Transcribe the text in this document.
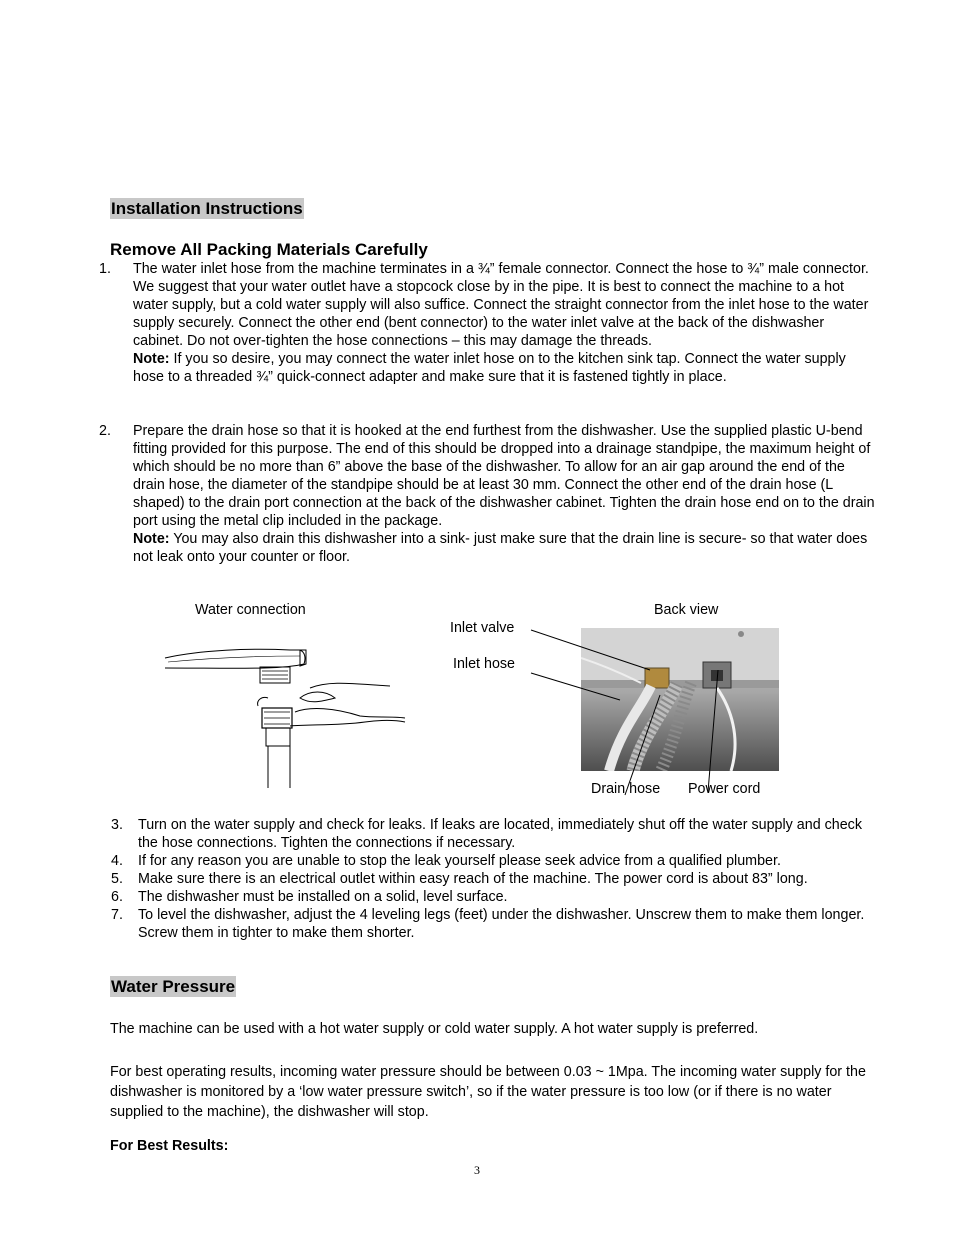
Installation Instructions
Remove All Packing Materials Carefully
1. The water inlet hose from the machine terminates in a ¾” female connector. Connect the hose to ¾” male connector. We suggest that your water outlet have a stopcock close by in the pipe. It is best to connect the machine to a hot water supply, but a cold water supply will also suffice. Connect the straight connector from the inlet hose to the water supply securely. Connect the other end (bent connector) to the water inlet valve at the back of the dishwasher cabinet. Do not over-tighten the hose connections – this may damage the threads.
Note: If you so desire, you may connect the water inlet hose on to the kitchen sink tap. Connect the water supply hose to a threaded ¾” quick-connect adapter and make sure that it is fastened tightly in place.
2. Prepare the drain hose so that it is hooked at the end furthest from the dishwasher. Use the supplied plastic U-bend fitting provided for this purpose. The end of this should be dropped into a drainage standpipe, the maximum height of which should be no more than 6” above the base of the dishwasher. To allow for an air gap around the end of the drain hose, the diameter of the standpipe should be at least 30 mm. Connect the other end of the drain hose (L shaped) to the drain port connection at the back of the dishwasher cabinet. Tighten the drain hose end on to the drain port using the metal clip included in the package.
Note: You may also drain this dishwasher into a sink- just make sure that the drain line is secure- so that water does not leak onto your counter or floor.
Water connection	Back view
Inlet valve
Inlet hose
Drain hose Power cord
3. Turn on the water supply and check for leaks. If leaks are located, immediately shut off the water supply and check the hose connections. Tighten the connections if necessary.
4. If for any reason you are unable to stop the leak yourself please seek advice from a qualified plumber.
5. Make sure there is an electrical outlet within easy reach of the machine. The power cord is about 83” long.
6. The dishwasher must be installed on a solid, level surface.
7. To level the dishwasher, adjust the 4 leveling legs (feet) under the dishwasher. Unscrew them to make them longer. Screw them in tighter to make them shorter.
Water Pressure
The machine can be used with a hot water supply or cold water supply. A hot water supply is preferred.
For best operating results, incoming water pressure should be between 0.03 ~ 1Mpa. The incoming water supply for the dishwasher is monitored by a ‘low water pressure switch’, so if the water pressure is too low (or if there is no water supplied to the machine), the dishwasher will stop.
For Best Results:
3
